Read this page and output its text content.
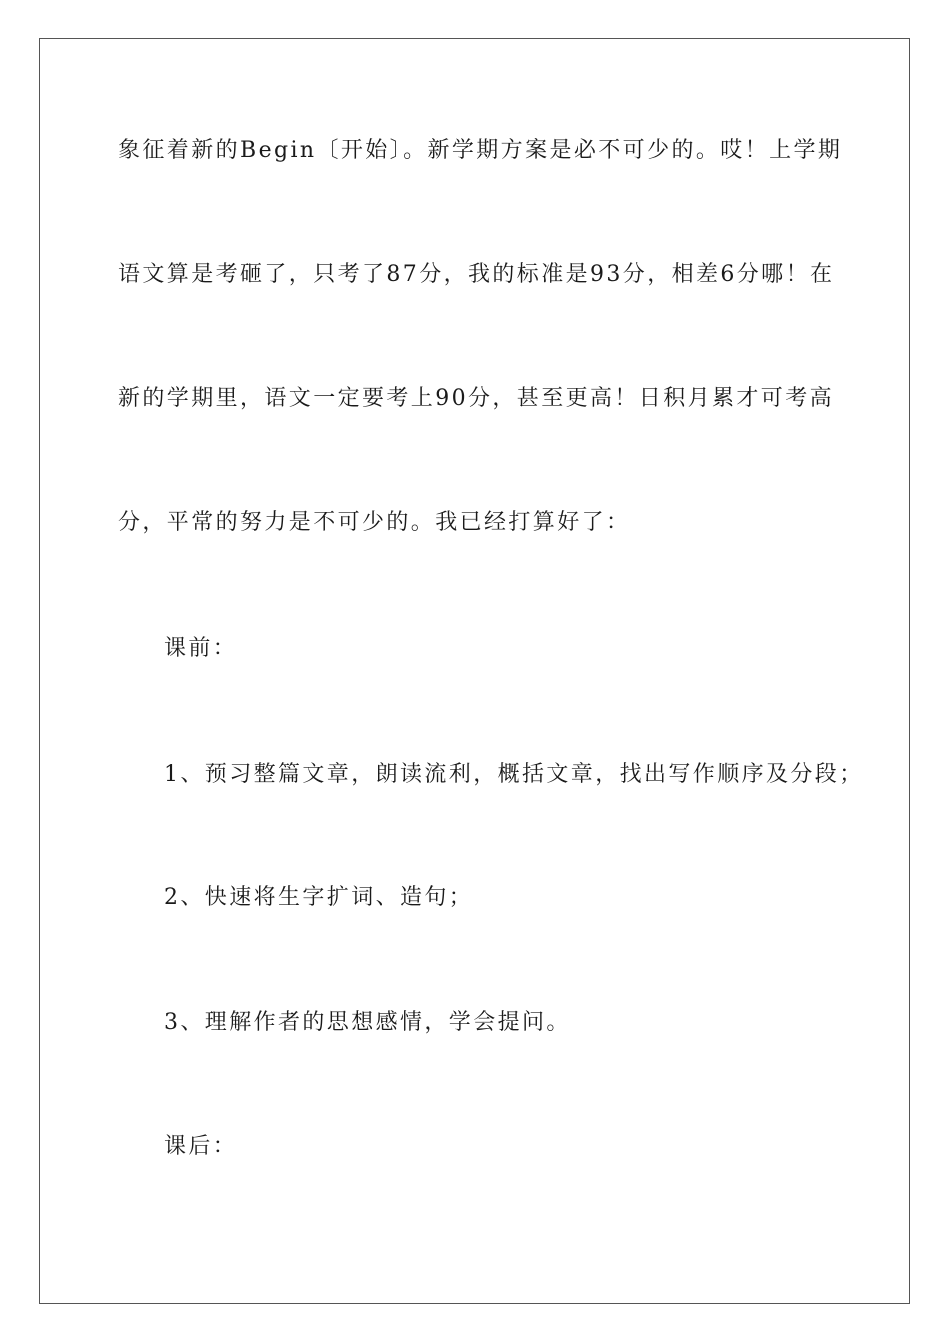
象征着新的Begin〔开始〕。新学期方案是必不可少的。哎！上学期
语文算是考砸了，只考了87分，我的标准是93分，相差6分哪！在
新的学期里，语文一定要考上90分，甚至更高！日积月累才可考高
分，平常的努力是不可少的。我已经打算好了：
课前：
1、预习整篇文章，朗读流利，概括文章，找出写作顺序及分段；
2、快速将生字扩词、造句；
3、理解作者的思想感情，学会提问。
课后：
